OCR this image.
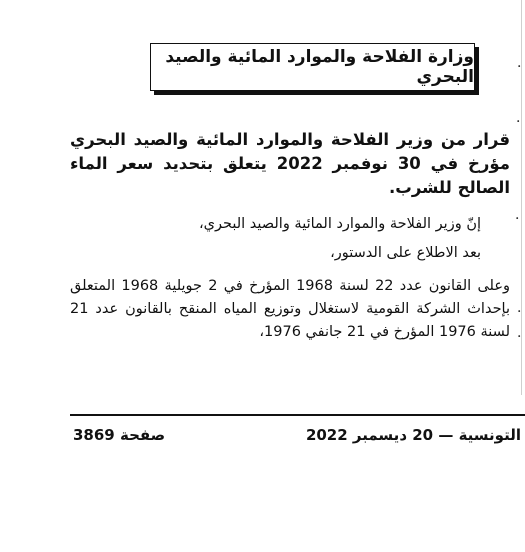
·
·
·
·
·
وزارة الفلاحة والموارد المائية والصيد البحري

قرار من وزير الفلاحة والموارد المائية والصيد البحري مؤرخ في 30 نوفمبر 2022 يتعلق بتحديد سعر الماء الصالح للشرب.

إنّ وزير الفلاحة والموارد المائية والصيد البحري،

بعد الاطلاع على الدستور،

وعلى القانون عدد 22 لسنة 1968 المؤرخ في 2 جويلية 1968 المتعلق بإحداث الشركة القومية لاستغلال وتوزيع المياه المنقح بالقانون عدد 21 لسنة 1976 المؤرخ في 21 جانفي 1976،

صفحة 3869	التونسية — 20 ديسمبر 2022
